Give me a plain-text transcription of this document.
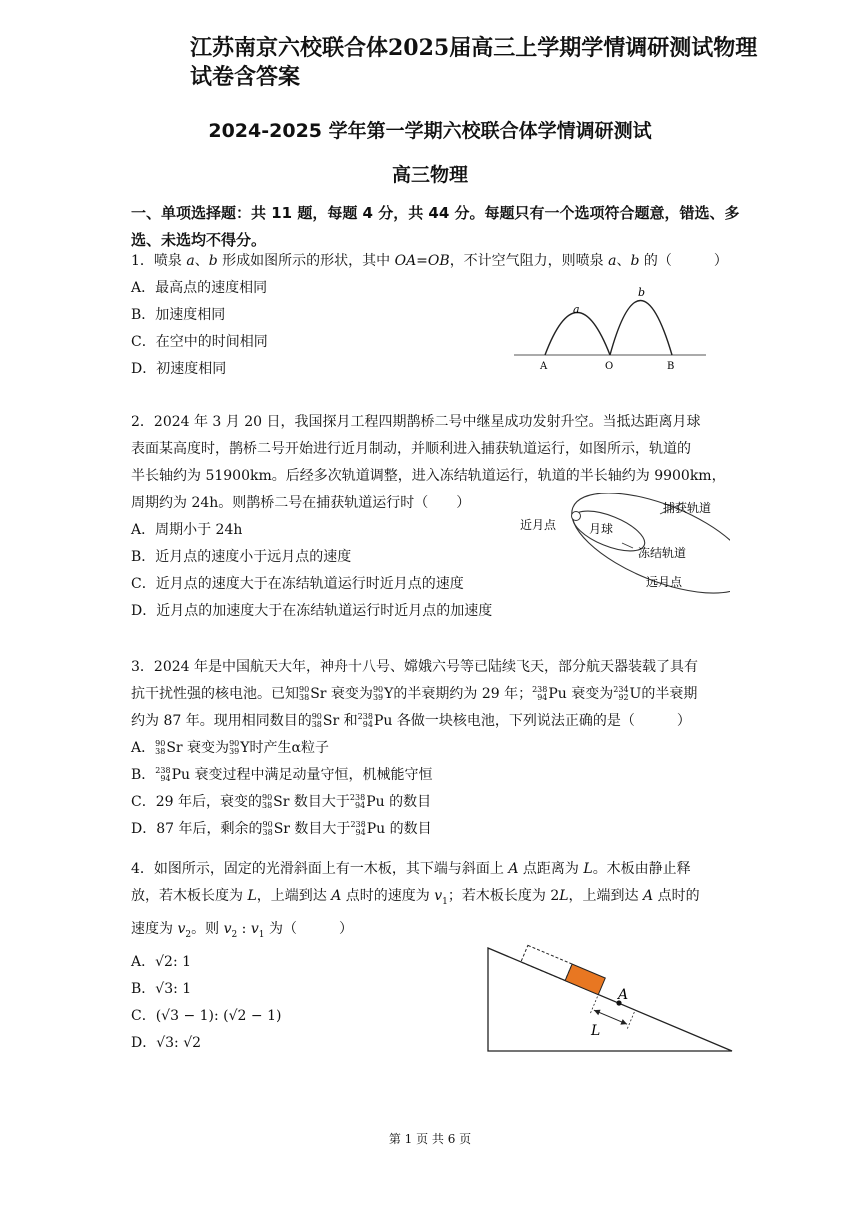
江苏南京六校联合体2025届高三上学期学情调研测试物理试卷含答案
2024-2025 学年第一学期六校联合体学情调研测试
高三物理
一、单项选择题：共 11 题，每题 4 分，共 44 分。每题只有一个选项符合题意，错选、多选、未选均不得分。
1．喷泉 a、b 形成如图所示的形状，其中 OA=OB，不计空气阻力，则喷泉 a、b 的（　　　）
A．最高点的速度相同
B．加速度相同
C．在空中的时间相同
D．初速度相同
a
b
A	O	B
2．2024 年 3 月 20 日，我国探月工程四期鹊桥二号中继星成功发射升空。当抵达距离月球
表面某高度时，鹊桥二号开始进行近月制动，并顺利进入捕获轨道运行，如图所示，轨道的
半长轴约为 51900km。后经多次轨道调整，进入冻结轨道运行，轨道的半长轴约为 9900km，
周期约为 24h。则鹊桥二号在捕获轨道运行时（　　）
A．周期小于 24h
B．近月点的速度小于远月点的速度
C．近月点的速度大于在冻结轨道运行时近月点的速度
D．近月点的加速度大于在冻结轨道运行时近月点的加速度
近月点	月球
捕获轨道
冻结轨道
远月点
3．2024 年是中国航天大年，神舟十八号、嫦娥六号等已陆续飞天，部分航天器装载了具有
抗干扰性强的核电池。已知90
38Sr 衰变为90
39Y的半衰期约为 29 年；238
94Pu 衰变为234
92U的半衰期
约为 87 年。现用相同数目的90
38Sr 和238
94Pu 各做一块核电池，下列说法正确的是（　　　）
A．90
38Sr 衰变为90
39Y时产生α粒子
B．238
94Pu 衰变过程中满足动量守恒，机械能守恒
C．29 年后，衰变的90
38Sr 数目大于238
94Pu 的数目
D．87 年后，剩余的90
38Sr 数目大于238
94Pu 的数目
4．如图所示，固定的光滑斜面上有一木板，其下端与斜面上 A 点距离为 L。木板由静止释
放，若木板长度为 L，上端到达 A 点时的速度为 $v_1$；若木板长度为 2L，上端到达 A 点时的
速度为 $v_2$。则 $v_2$ : $v_1$ 为（　　　）
A．√2: 1
B．√3: 1
C．(√3 − 1): (√2 − 1)
D．√3: √2
A
L
第 1 页 共 6 页
